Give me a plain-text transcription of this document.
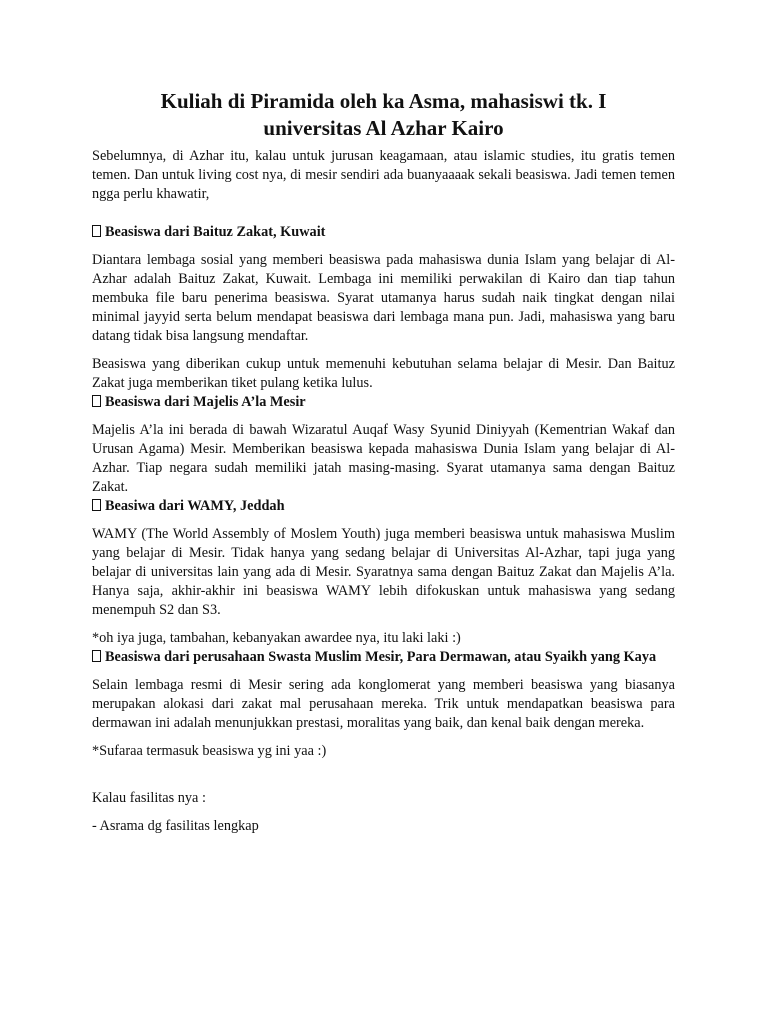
Kuliah di Piramida oleh ka Asma, mahasiswi tk. I
universitas Al Azhar Kairo

Sebelumnya, di Azhar itu, kalau untuk jurusan keagamaan, atau islamic studies, itu gratis temen temen. Dan untuk living cost nya, di mesir sendiri ada buanyaaaak sekali beasiswa. Jadi temen temen ngga perlu khawatir,

Beasiswa dari Baituz Zakat, Kuwait

Diantara lembaga sosial yang memberi beasiswa pada mahasiswa dunia Islam yang belajar di Al-Azhar adalah Baituz Zakat, Kuwait. Lembaga ini memiliki perwakilan di Kairo dan tiap tahun membuka file baru penerima beasiswa. Syarat utamanya harus sudah naik tingkat dengan nilai minimal jayyid serta belum mendapat beasiswa dari lembaga mana pun. Jadi, mahasiswa yang baru datang tidak bisa langsung mendaftar.

Beasiswa yang diberikan cukup untuk memenuhi kebutuhan selama belajar di Mesir. Dan Baituz Zakat juga memberikan tiket pulang ketika lulus.

Beasiswa dari Majelis A’la Mesir

Majelis A’la ini berada di bawah Wizaratul Auqaf Wasy Syunid Diniyyah (Kementrian Wakaf dan Urusan Agama) Mesir. Memberikan beasiswa kepada mahasiswa Dunia Islam yang belajar di Al-Azhar. Tiap negara sudah memiliki jatah masing-masing. Syarat utamanya sama dengan Baituz Zakat.

Beasiwa dari WAMY, Jeddah

WAMY (The World Assembly of Moslem Youth) juga memberi beasiswa untuk mahasiswa Muslim yang belajar di Mesir. Tidak hanya yang sedang belajar di Universitas Al-Azhar, tapi juga yang belajar di universitas lain yang ada di Mesir. Syaratnya sama dengan Baituz Zakat dan Majelis A’la. Hanya saja, akhir-akhir ini beasiswa WAMY lebih difokuskan untuk mahasiswa yang sedang menempuh S2 dan S3.

*oh iya juga, tambahan, kebanyakan awardee nya, itu laki laki :)

Beasiswa dari perusahaan Swasta Muslim Mesir, Para Dermawan, atau Syaikh yang Kaya

Selain lembaga resmi di Mesir sering ada konglomerat yang memberi beasiswa yang biasanya merupakan alokasi dari zakat mal perusahaan mereka. Trik untuk mendapatkan beasiswa para dermawan ini adalah menunjukkan prestasi, moralitas yang baik, dan kenal baik dengan mereka.

*Sufaraa termasuk beasiswa yg ini yaa :)

Kalau fasilitas nya :

- Asrama dg fasilitas lengkap
